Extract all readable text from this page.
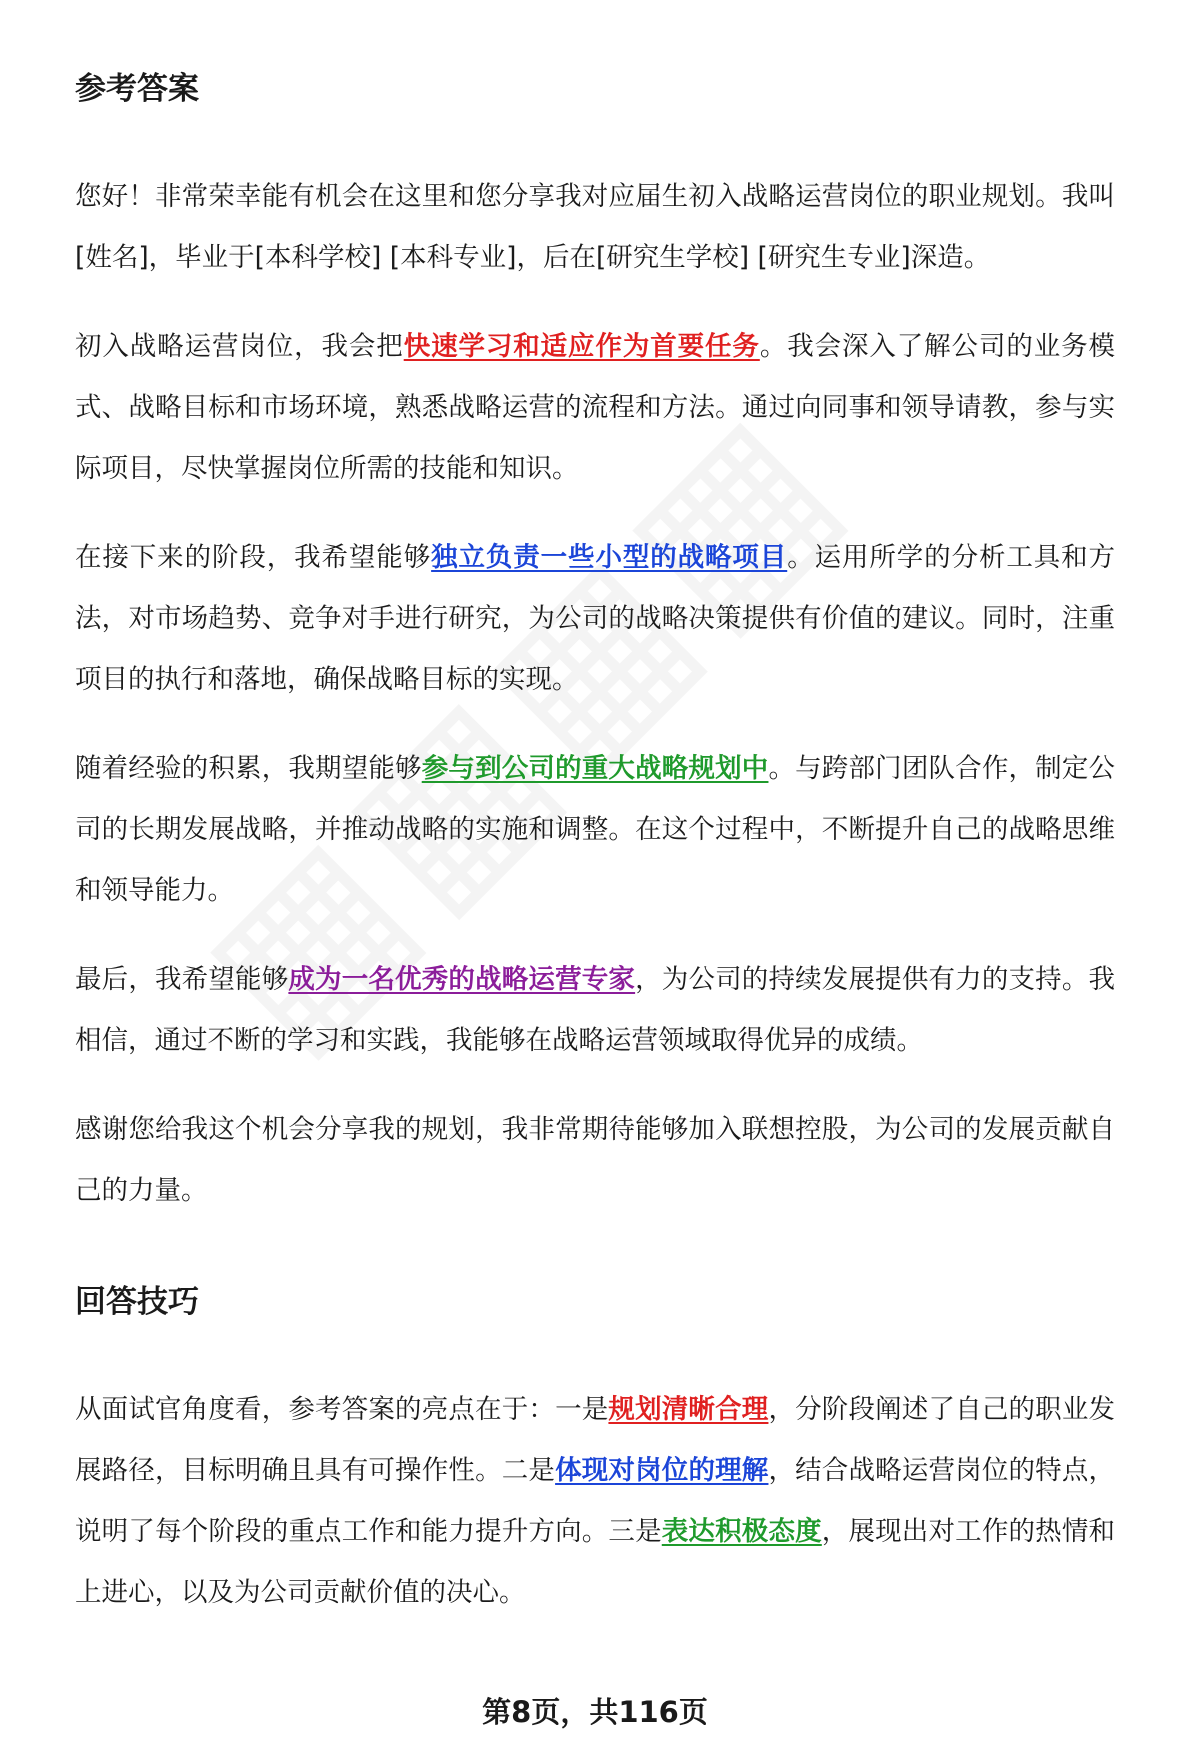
参考答案

您好！非常荣幸能有机会在这里和您分享我对应届生初入战略运营岗位的职业规划。我叫[姓名]，毕业于[本科学校] [本科专业]，后在[研究生学校] [研究生专业]深造。

初入战略运营岗位，我会把快速学习和适应作为首要任务。我会深入了解公司的业务模式、战略目标和市场环境，熟悉战略运营的流程和方法。通过向同事和领导请教，参与实际项目，尽快掌握岗位所需的技能和知识。

在接下来的阶段，我希望能够独立负责一些小型的战略项目。运用所学的分析工具和方法，对市场趋势、竞争对手进行研究，为公司的战略决策提供有价值的建议。同时，注重项目的执行和落地，确保战略目标的实现。

随着经验的积累，我期望能够参与到公司的重大战略规划中。与跨部门团队合作，制定公司的长期发展战略，并推动战略的实施和调整。在这个过程中，不断提升自己的战略思维和领导能力。

最后，我希望能够成为一名优秀的战略运营专家，为公司的持续发展提供有力的支持。我相信，通过不断的学习和实践，我能够在战略运营领域取得优异的成绩。

感谢您给我这个机会分享我的规划，我非常期待能够加入联想控股，为公司的发展贡献自己的力量。

回答技巧

从面试官角度看，参考答案的亮点在于：一是规划清晰合理，分阶段阐述了自己的职业发展路径，目标明确且具有可操作性。二是体现对岗位的理解，结合战略运营岗位的特点，说明了每个阶段的重点工作和能力提升方向。三是表达积极态度，展现出对工作的热情和上进心，以及为公司贡献价值的决心。

第8页，共116页
